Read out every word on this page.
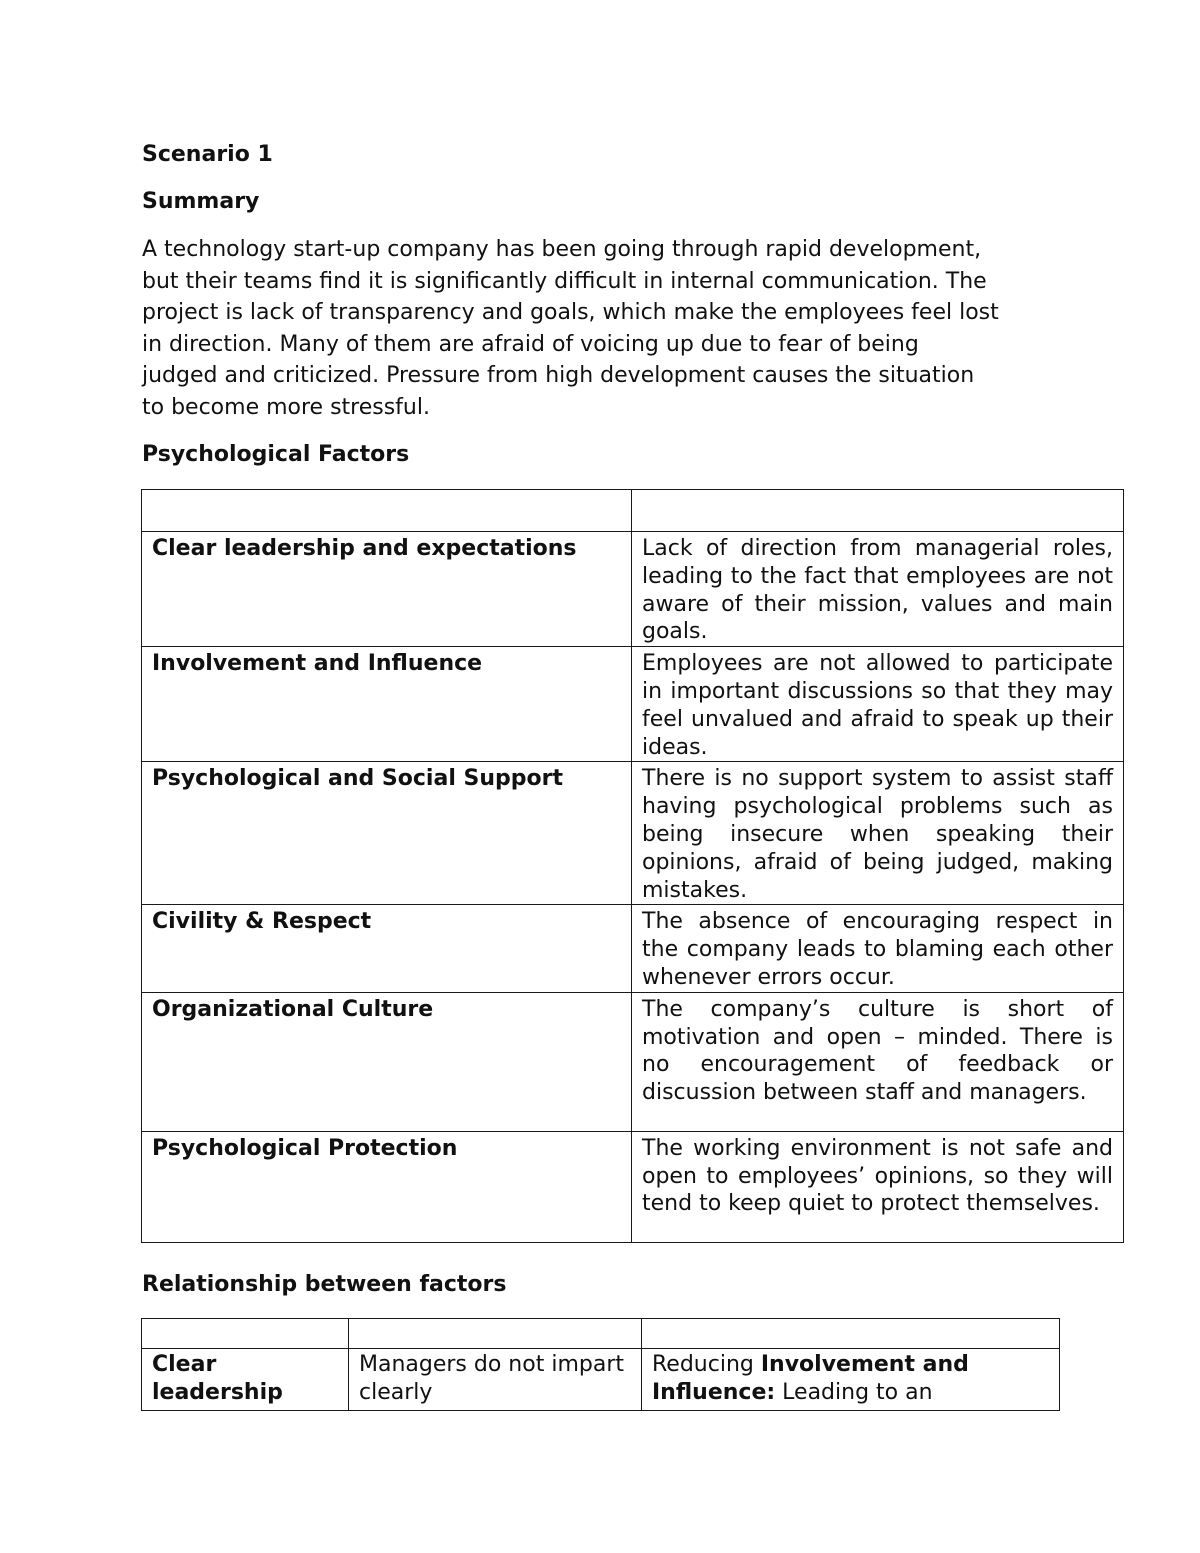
Scenario 1
Summary

A technology start-up company has been going through rapid development,
but their teams find it is significantly difficult in internal communication. The
project is lack of transparency and goals, which make the employees feel lost
in direction. Many of them are afraid of voicing up due to fear of being
judged and criticized. Pressure from high development causes the situation
to become more stressful.

Psychological Factors

Clear leadership and expectations	Lack of direction from managerial roles, leading to the fact that employees are not aware of their mission, values and main goals.
Involvement and Influence	Employees are not allowed to participate in important discussions so that they may feel unvalued and afraid to speak up their ideas.
Psychological and Social Support	There is no support system to assist staff having psychological problems such as being insecure when speaking their opinions, afraid of being judged, making mistakes.
Civility & Respect	The absence of encouraging respect in the company leads to blaming each other whenever errors occur.
Organizational Culture	The company’s culture is short of motivation and open – minded. There is no encouragement of feedback or discussion between staff and managers.
Psychological Protection	The working environment is not safe and open to employees’ opinions, so they will tend to keep quiet to protect themselves.
Relationship between factors

Clear leadership	Managers do not impart clearly	Reducing Involvement and Influence: Leading to an
